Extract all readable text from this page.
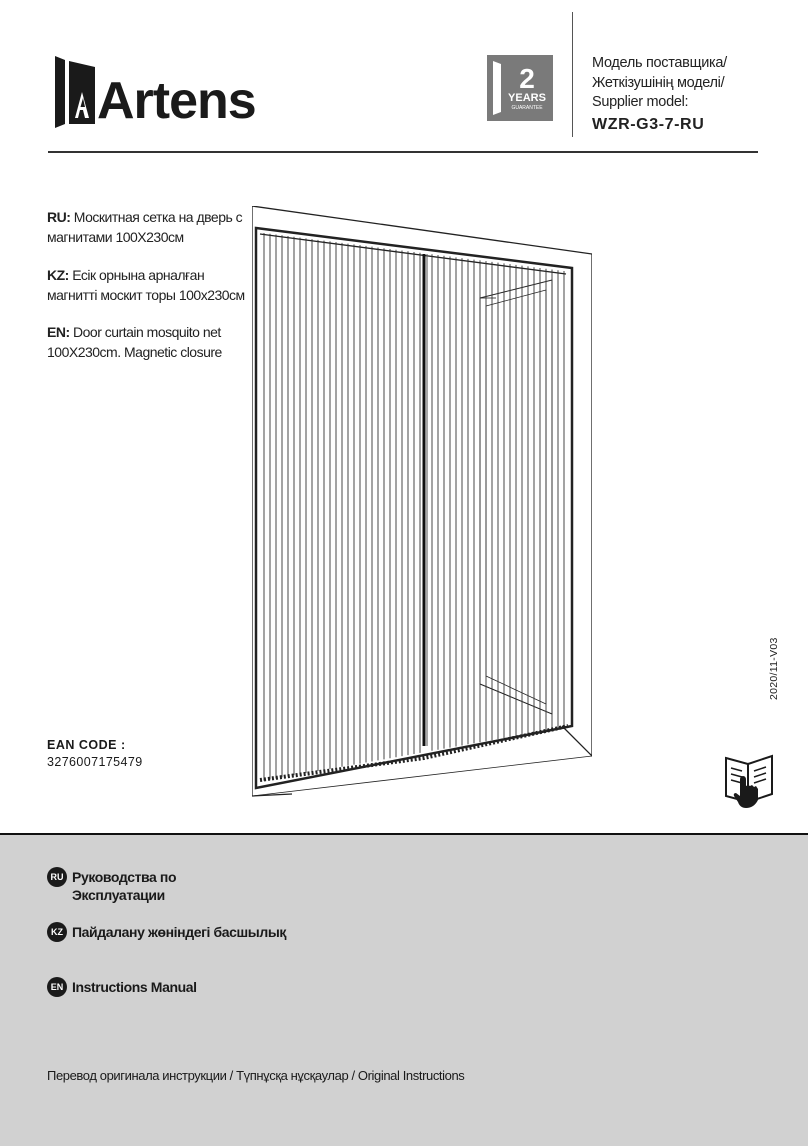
Artens	2
YEARS
GUARANTEE
Модель поставщика/
Жеткізушінің моделі/
Supplier model:
WZR-G3-7-RU
RU: Москитная сетка на дверь с магнитами 100X230см
KZ: Есік орнына арналған магнитті москит торы 100x230см
EN: Door curtain mosquito net 100X230cm. Magnetic closure
EAN CODE :
3276007175479
2020/11-V03
RU Руководства по Эксплуатации
KZ Пайдалану жөніндегі басшылық
EN Instructions Manual
Перевод оригинала инструкции / Түпнұсқа нұсқаулар / Original Instructions
